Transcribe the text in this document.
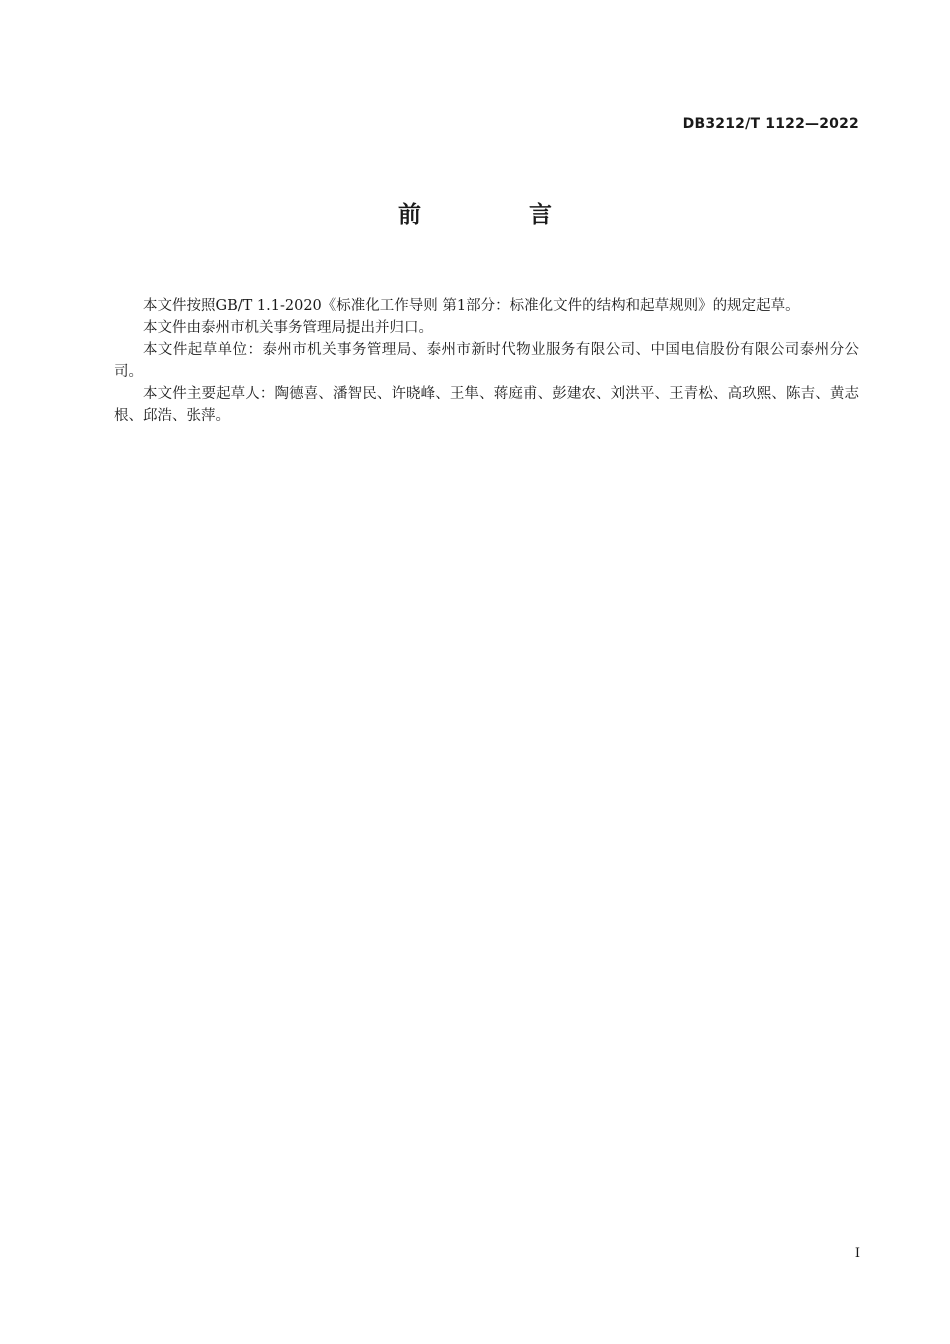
DB3212/T 1122—2022
前 言

本文件按照GB/T 1.1-2020《标准化工作导则 第1部分：标准化文件的结构和起草规则》的规定起草。

本文件由泰州市机关事务管理局提出并归口。

本文件起草单位：泰州市机关事务管理局、泰州市新时代物业服务有限公司、中国电信股份有限公司泰州分公司。

本文件主要起草人：陶德喜、潘智民、许晓峰、王隼、蒋庭甫、彭建农、刘洪平、王青松、高玖熙、陈吉、黄志根、邱浩、张萍。

I
